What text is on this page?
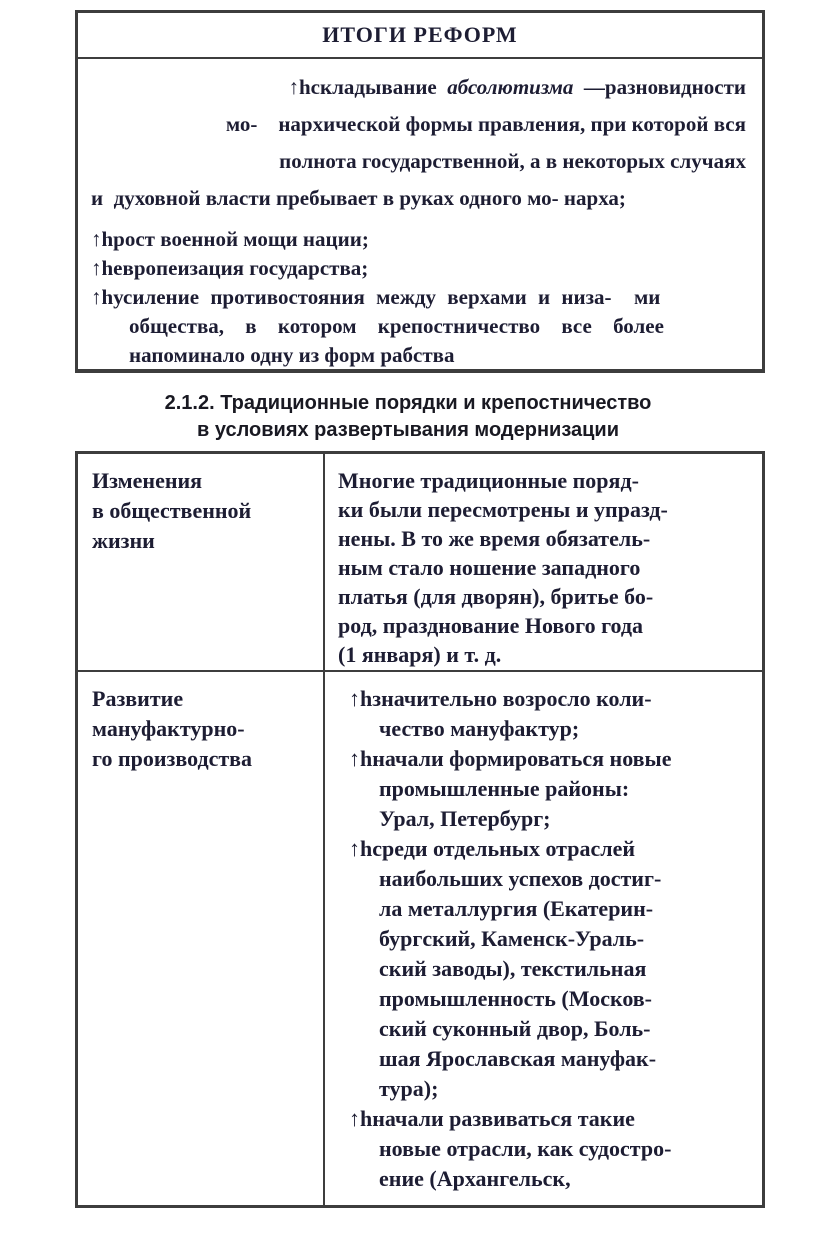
ИТОГИ РЕФОРМ
↑hскладывание  абсолютизма  —разновидности
мо-    нархической формы правления, при которой вся
полнота государственной, а в некоторых случаях
и  духовной власти пребывает в руках одного мо- нарха;
↑hрост военной мощи нации;
↑hевропеизация государства;
↑hусиление противостояния между верхами и низа-  ми
общества, в котором крепостничество все более
напоминало одну из форм рабства
2.1.2. Традиционные порядки и крепостничество
в условиях развертывания модернизации
Изменения
в общественной
жизни
Многие традиционные поряд-
ки были пересмотрены и упразд-
нены. В то же время обязатель-
ным стало ношение западного
платья (для дворян), бритье бо-
род, празднование Нового года
(1 января) и т. д.
Развитие
мануфактурно-
го производства
↑hзначительно возросло коли-
чество мануфактур;
↑hначали формироваться новые
промышленные районы:
Урал, Петербург;
↑hсреди отдельных отраслей
наибольших успехов достиг-
ла металлургия (Екатерин-
бургский, Каменск-Ураль-
ский заводы), текстильная
промышленность (Москов-
ский суконный двор, Боль-
шая Ярославская мануфак-
тура);
↑hначали развиваться такие
новые отрасли, как судостро-
ение (Архангельск,
